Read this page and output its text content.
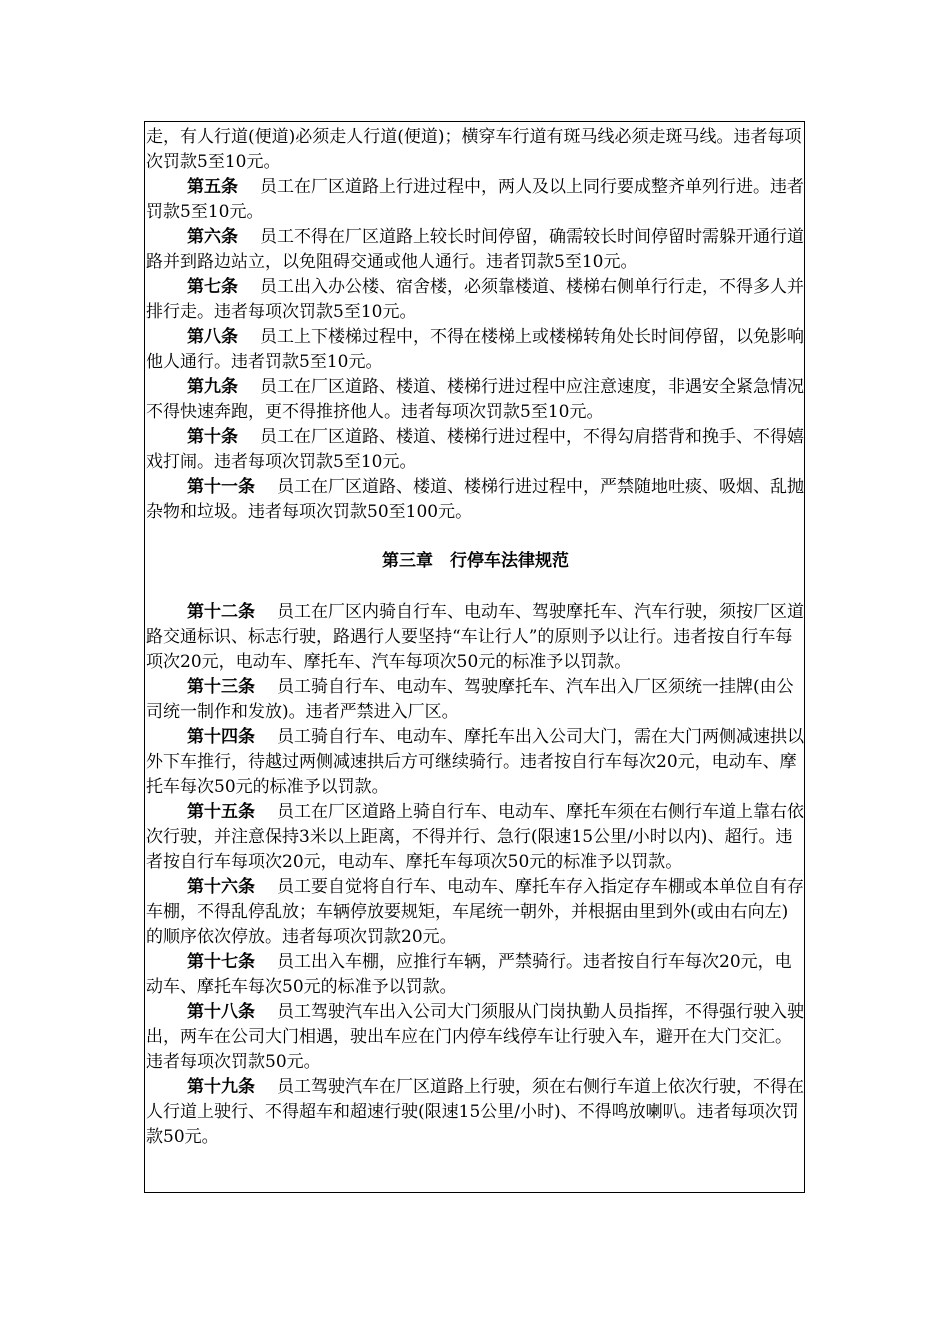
走，有人行道(便道)必须走人行道(便道)；横穿车行道有斑马线必须走斑马线。违者每项次罚款5至10元。

第五条 员工在厂区道路上行进过程中，两人及以上同行要成整齐单列行进。违者罚款5至10元。

第六条 员工不得在厂区道路上较长时间停留，确需较长时间停留时需躲开通行道路并到路边站立，以免阻碍交通或他人通行。违者罚款5至10元。

第七条 员工出入办公楼、宿舍楼，必须靠楼道、楼梯右侧单行行走，不得多人并排行走。违者每项次罚款5至10元。

第八条 员工上下楼梯过程中，不得在楼梯上或楼梯转角处长时间停留，以免影响他人通行。违者罚款5至10元。

第九条 员工在厂区道路、楼道、楼梯行进过程中应注意速度，非遇安全紧急情况不得快速奔跑，更不得推挤他人。违者每项次罚款5至10元。

第十条 员工在厂区道路、楼道、楼梯行进过程中，不得勾肩搭背和挽手、不得嬉戏打闹。违者每项次罚款5至10元。

第十一条 员工在厂区道路、楼道、楼梯行进过程中，严禁随地吐痰、吸烟、乱抛杂物和垃圾。违者每项次罚款50至100元。

第三章 行停车法律规范

第十二条 员工在厂区内骑自行车、电动车、驾驶摩托车、汽车行驶，须按厂区道路交通标识、标志行驶，路遇行人要坚持“车让行人”的原则予以让行。违者按自行车每项次20元，电动车、摩托车、汽车每项次50元的标准予以罚款。

第十三条 员工骑自行车、电动车、驾驶摩托车、汽车出入厂区须统一挂牌(由公司统一制作和发放)。违者严禁进入厂区。

第十四条 员工骑自行车、电动车、摩托车出入公司大门，需在大门两侧减速拱以外下车推行，待越过两侧减速拱后方可继续骑行。违者按自行车每次20元，电动车、摩托车每次50元的标准予以罚款。

第十五条 员工在厂区道路上骑自行车、电动车、摩托车须在右侧行车道上靠右依次行驶，并注意保持3米以上距离，不得并行、急行(限速15公里/小时以内)、超行。违者按自行车每项次20元，电动车、摩托车每项次50元的标准予以罚款。

第十六条 员工要自觉将自行车、电动车、摩托车存入指定存车棚或本单位自有存车棚，不得乱停乱放；车辆停放要规矩，车尾统一朝外，并根据由里到外(或由右向左)的顺序依次停放。违者每项次罚款20元。

第十七条 员工出入车棚，应推行车辆，严禁骑行。违者按自行车每次20元，电动车、摩托车每次50元的标准予以罚款。

第十八条 员工驾驶汽车出入公司大门须服从门岗执勤人员指挥，不得强行驶入驶出，两车在公司大门相遇，驶出车应在门内停车线停车让行驶入车，避开在大门交汇。违者每项次罚款50元。

第十九条 员工驾驶汽车在厂区道路上行驶，须在右侧行车道上依次行驶，不得在人行道上驶行、不得超车和超速行驶(限速15公里/小时)、不得鸣放喇叭。违者每项次罚款50元。
